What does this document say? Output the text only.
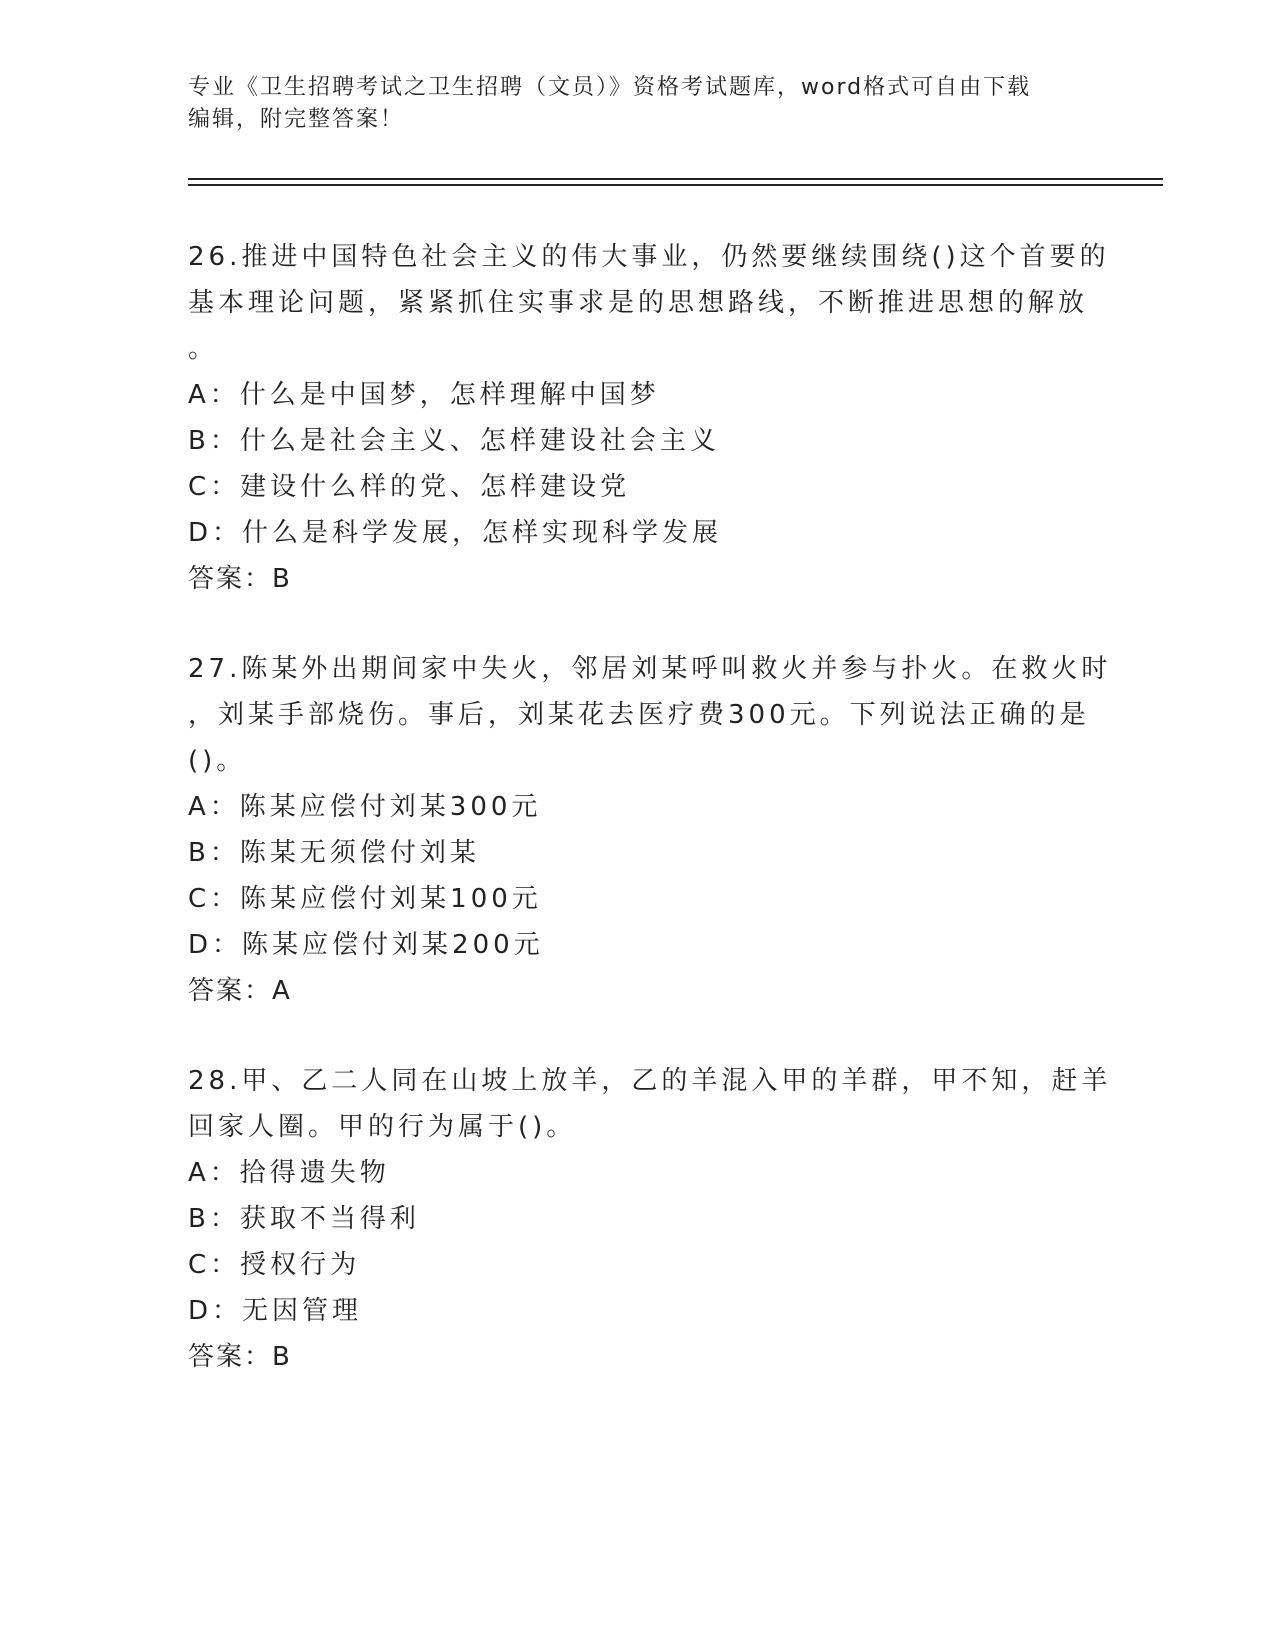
专业《卫生招聘考试之卫生招聘（文员）》资格考试题库，word格式可自由下载
编辑，附完整答案！

26.推进中国特色社会主义的伟大事业，仍然要继续围绕()这个首要的
基本理论问题，紧紧抓住实事求是的思想路线，不断推进思想的解放
。

A：什么是中国梦，怎样理解中国梦

B：什么是社会主义、怎样建设社会主义

C：建设什么样的党、怎样建设党

D：什么是科学发展，怎样实现科学发展

答案：B

27.陈某外出期间家中失火，邻居刘某呼叫救火并参与扑火。在救火时
，刘某手部烧伤。事后，刘某花去医疗费300元。下列说法正确的是
()。

A：陈某应偿付刘某300元

B：陈某无须偿付刘某

C：陈某应偿付刘某100元

D：陈某应偿付刘某200元

答案：A

28.甲、乙二人同在山坡上放羊，乙的羊混入甲的羊群，甲不知，赶羊
回家人圈。甲的行为属于()。

A：拾得遗失物

B：获取不当得利

C：授权行为

D：无因管理

答案：B
